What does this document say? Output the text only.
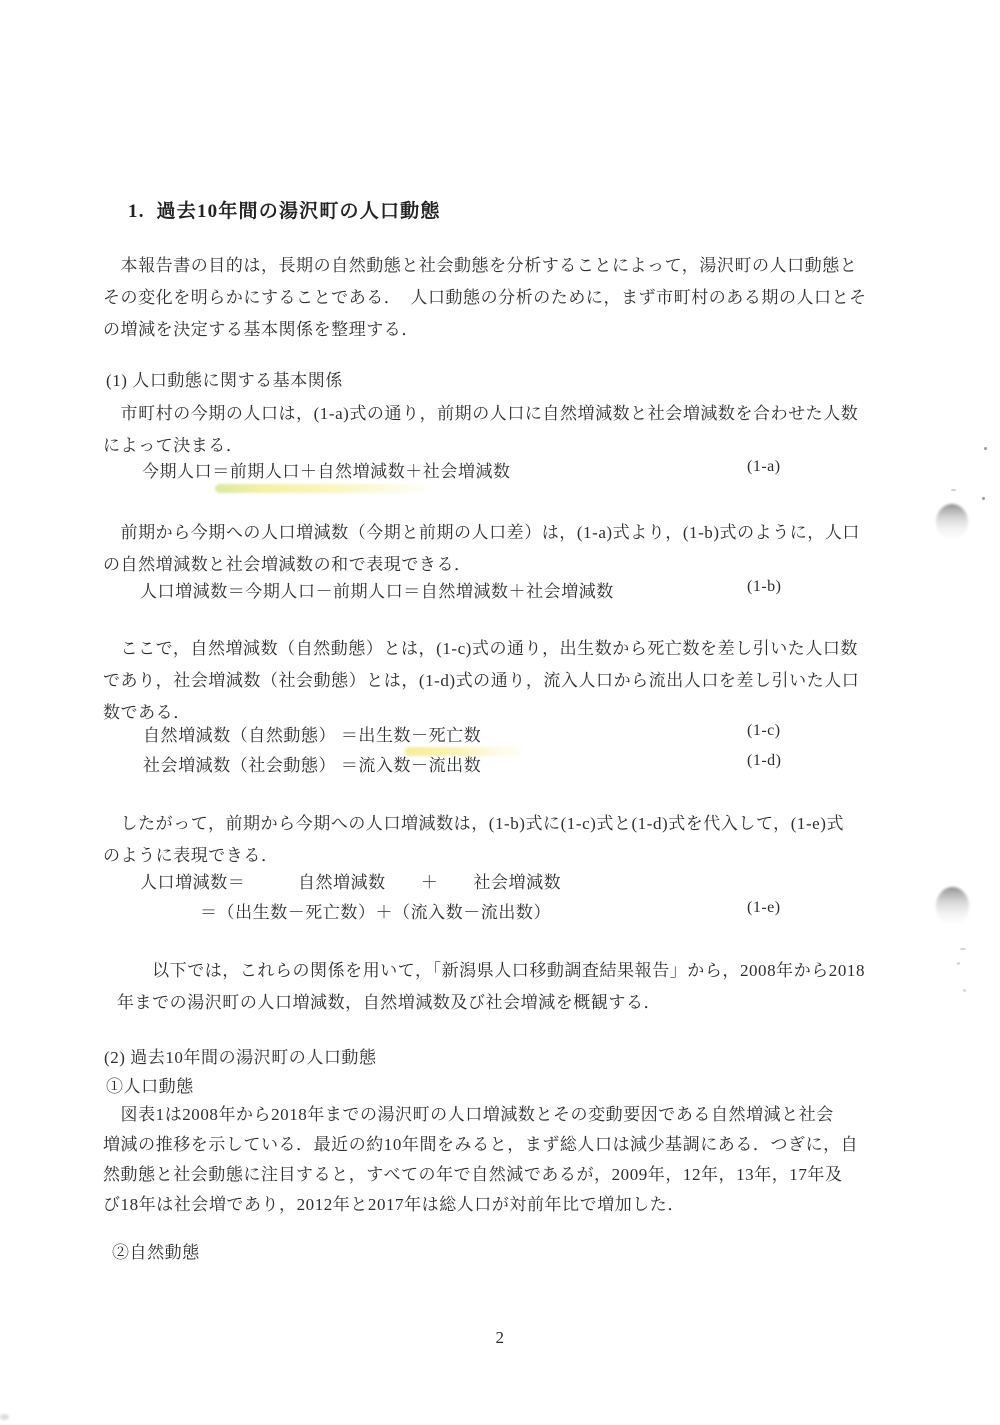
1.  過去10年間の湯沢町の人口動態
　本報告書の目的は，長期の自然動態と社会動態を分析することによって，湯沢町の人口動態と
その変化を明らかにすることである．　人口動態の分析のために，まず市町村のある期の人口とそ
の増減を決定する基本関係を整理する．
(1) 人口動態に関する基本関係
　市町村の今期の人口は，(1-a)式の通り，前期の人口に自然増減数と社会増減数を合わせた人数
によって決まる．
今期人口＝前期人口＋自然増減数＋社会増減数	(1-a)
　前期から今期への人口増減数（今期と前期の人口差）は，(1-a)式より，(1-b)式のように，人口
の自然増減数と社会増減数の和で表現できる．
人口増減数＝今期人口－前期人口＝自然増減数＋社会増減数	(1-b)
　ここで，自然増減数（自然動態）とは，(1-c)式の通り，出生数から死亡数を差し引いた人口数
であり，社会増減数（社会動態）とは，(1-d)式の通り，流入人口から流出人口を差し引いた人口
数である．
自然増減数（自然動態） ＝出生数－死亡数	(1-c)
社会増減数（社会動態） ＝流入数－流出数	(1-d)
　したがって，前期から今期への人口増減数は，(1-b)式に(1-c)式と(1-d)式を代入して，(1-e)式
のように表現できる．
人口増減数＝　　　自然増減数　　＋　　社会増減数
＝（出生数－死亡数）＋（流入数－流出数）	(1-e)
　　以下では，これらの関係を用いて，「新潟県人口移動調査結果報告」から，2008年から2018
年までの湯沢町の人口増減数，自然増減数及び社会増減を概観する．
(2) 過去10年間の湯沢町の人口動態
①人口動態
　図表1は2008年から2018年までの湯沢町の人口増減数とその変動要因である自然増減と社会
増減の推移を示している．最近の約10年間をみると，まず総人口は減少基調にある．つぎに，自
然動態と社会動態に注目すると，すべての年で自然減であるが，2009年，12年，13年，17年及
び18年は社会増であり，2012年と2017年は総人口が対前年比で増加した．
②自然動態
2
